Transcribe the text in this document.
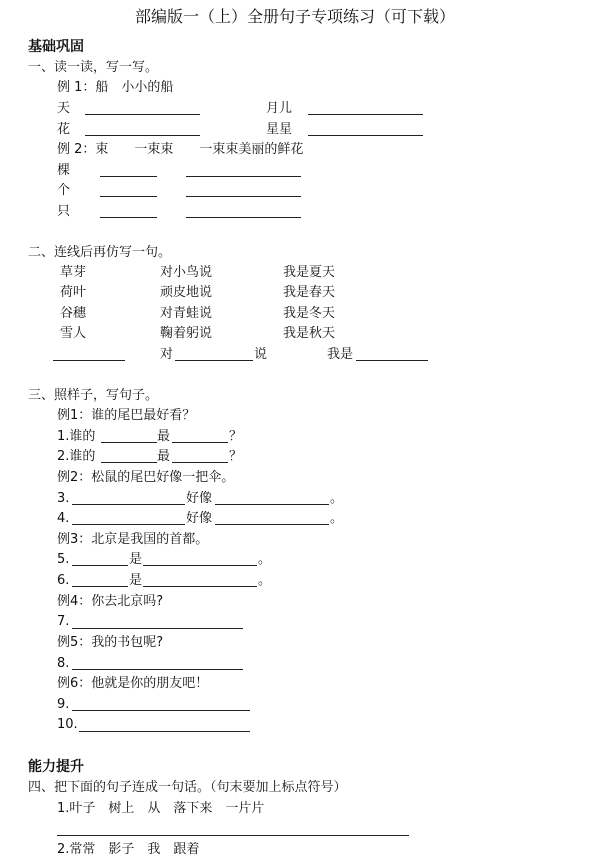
部编版一（上）全册句子专项练习（可下载）
基础巩固
一、读一读，写一写。
例 1：船　小小的船
天	月儿
花	星星
例 2：束　　一束束　　一束束美丽的鲜花
棵
个
只
二、连线后再仿写一句。
草芽	对小鸟说	我是夏天
荷叶	顽皮地说	我是春天
谷穗	对青蛙说	我是冬天
雪人	鞠着躬说	我是秋天
对	说	我是
三、照样子，写句子。
例1：谁的尾巴最好看？
1.谁的	最	？
2.谁的	最	？
例2：松鼠的尾巴好像一把伞。
3.	好像	。
4.	好像	。
例3：北京是我国的首都。
5.	是	。
6.	是	。
例4：你去北京吗?
7.
例5：我的书包呢?
8.
例6：他就是你的朋友吧！
9.
10.
能力提升
四、把下面的句子连成一句话。（句末要加上标点符号）
1.叶子　树上　从　落下来　一片片
2.常常　影子　我　跟着
